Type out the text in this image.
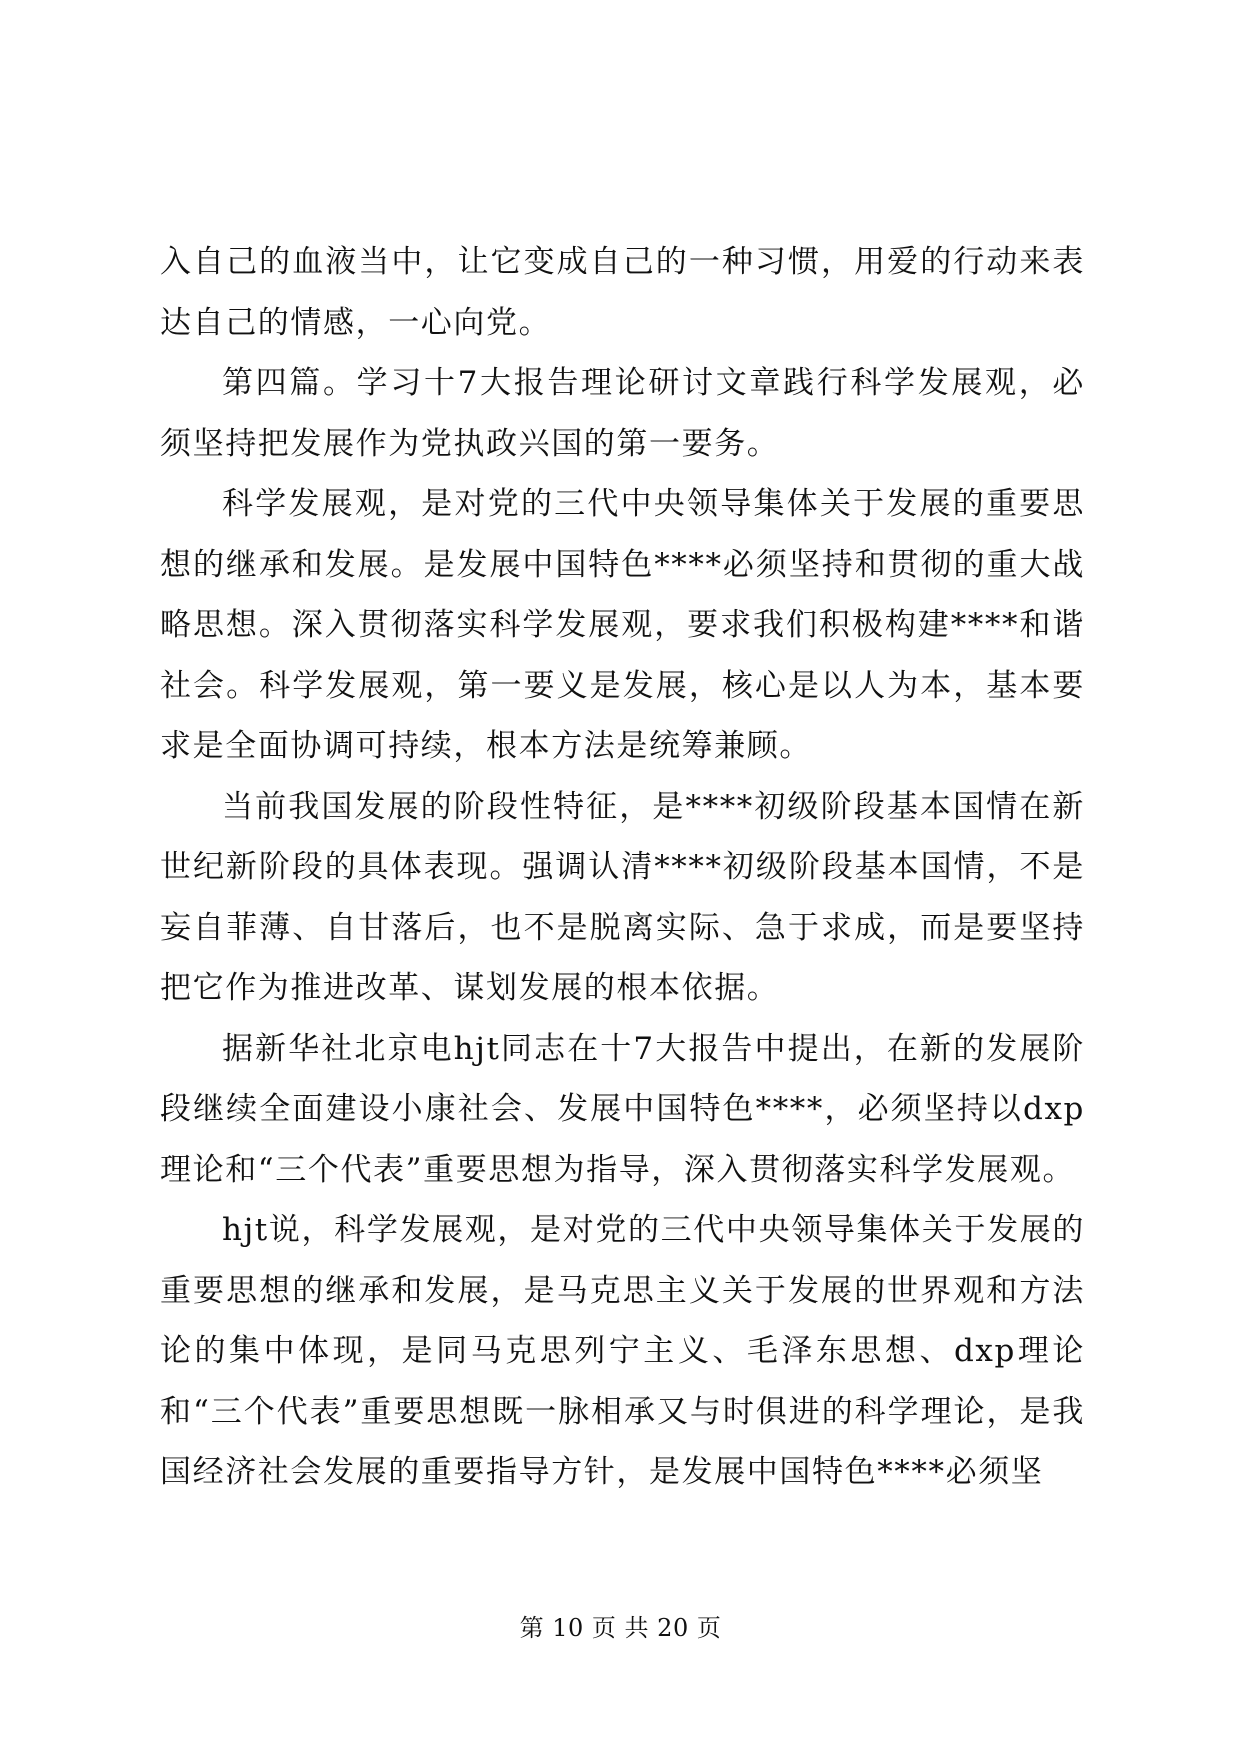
入自己的血液当中，让它变成自己的一种习惯，用爱的行动来表达自己的情感，一心向党。

第四篇。学习十7大报告理论研讨文章践行科学发展观，必须坚持把发展作为党执政兴国的第一要务。

科学发展观，是对党的三代中央领导集体关于发展的重要思想的继承和发展。是发展中国特色****必须坚持和贯彻的重大战略思想。深入贯彻落实科学发展观，要求我们积极构建****和谐社会。科学发展观，第一要义是发展，核心是以人为本，基本要求是全面协调可持续，根本方法是统筹兼顾。

当前我国发展的阶段性特征，是****初级阶段基本国情在新世纪新阶段的具体表现。强调认清****初级阶段基本国情，不是妄自菲薄、自甘落后，也不是脱离实际、急于求成，而是要坚持把它作为推进改革、谋划发展的根本依据。

据新华社北京电hjt同志在十7大报告中提出，在新的发展阶段继续全面建设小康社会、发展中国特色****，必须坚持以dxp理论和“三个代表”重要思想为指导，深入贯彻落实科学发展观。

hjt说，科学发展观，是对党的三代中央领导集体关于发展的重要思想的继承和发展，是马克思主义关于发展的世界观和方法论的集中体现，是同马克思列宁主义、毛泽东思想、dxp理论和“三个代表”重要思想既一脉相承又与时俱进的科学理论，是我国经济社会发展的重要指导方针，是发展中国特色****必须坚

第 10 页 共 20 页
